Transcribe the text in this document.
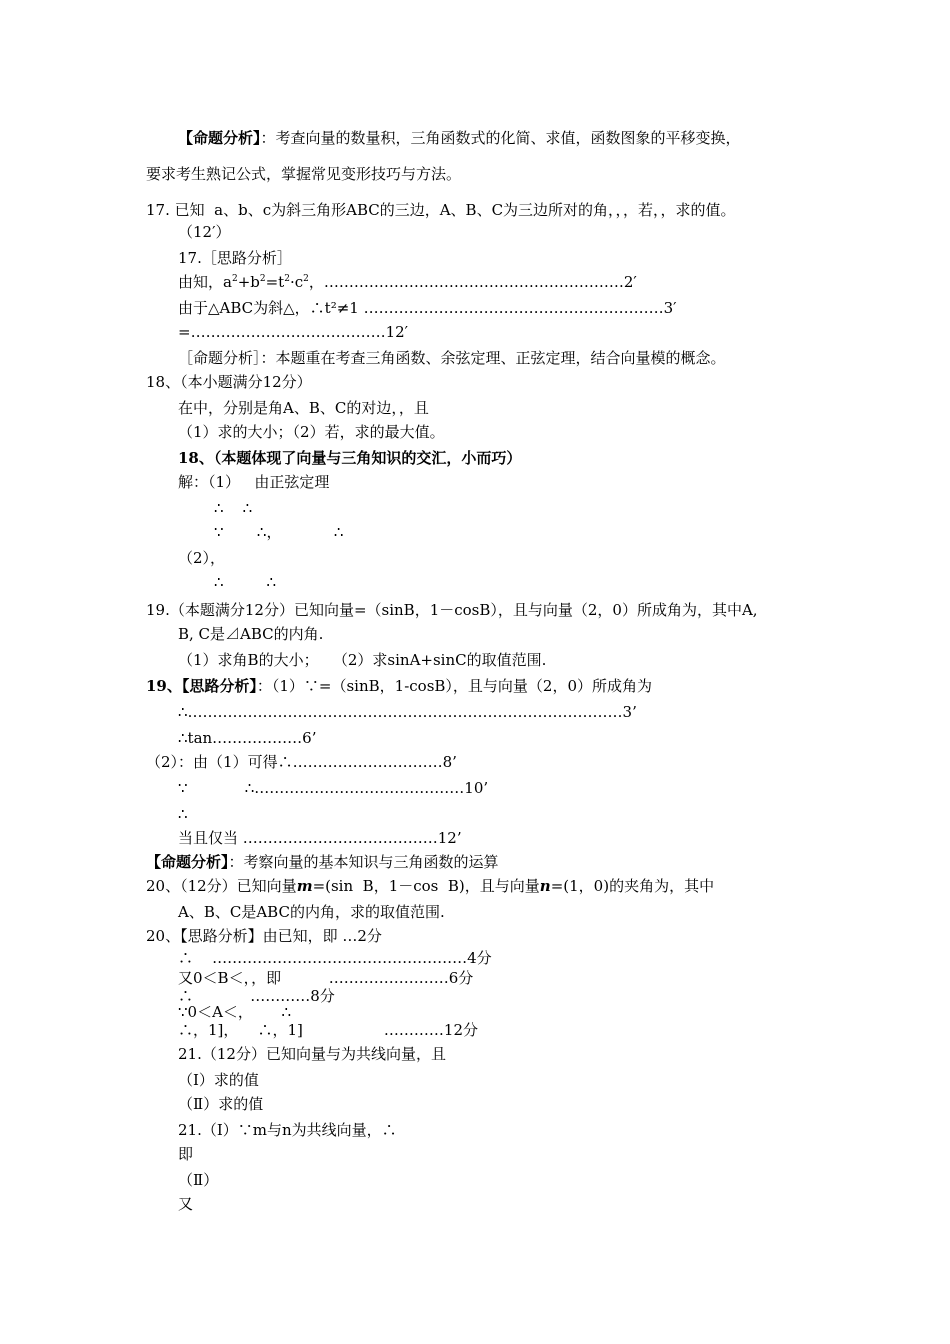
【命题分析】：考查向量的数量积，三角函数式的化简、求值，函数图象的平移变换，
要求考生熟记公式，掌握常见变形技巧与方法。
17. 已知  a、b、c为斜三角形ABC的三边，A、B、C为三边所对的角，，，若，，求的值。
（12′）
17.［思路分析］
由知，$a^2+b^2=t^2\cdot c^2$，……………………………………………………2′
由于△ABC为斜△，∴t²≠1 ……………………………………………………3′
=…………………………………12′
［命题分析］：本题重在考查三角函数、余弦定理、正弦定理，结合向量模的概念。
18、（本小题满分12分）
在中，分别是角A、B、C的对边，，且
（1）求的大小；（2）若，求的最大值。
18、（本题体现了向量与三角知识的交汇，小而巧）
解：（1）   由正弦定理
∴    ∴
∵       ∴，           ∴
（2），
∴         ∴
19.（本题满分12分）已知向量=（sinB，1－cosB），且与向量（2，0）所成角为，其中A,
B, C是⊿ABC的内角.
（1）求角B的大小；   （2）求sinA+sinC的取值范围.
19、【思路分析】：（1）∵=（sinB，1-cosB），且与向量（2，0）所成角为
∴……………………………………………………………………………3’
∴tan………………6’
（2）：由（1）可得∴…………………………8’
∵            ∴……………………………………10’
∴
当且仅当 …………………………………12’
【命题分析】：考察向量的基本知识与三角函数的运算
20、（12分）已知向量m=(sin  B，1－cos  B)，且与向量n=(1，0)的夹角为，其中
A、B、C是ABC的内角，求的取值范围.
20、【思路分析】由已知，即 …2分
∴    ……………………………………………4分
又0＜B＜，，即          ……………………6分
∴            …………8分
∵0＜A＜，      ∴
∴，1]，    ∴，1]                 …………12分
21.（12分）已知向量与为共线向量，且
（Ⅰ）求的值
（Ⅱ）求的值
21.（Ⅰ）∵m与n为共线向量，∴
即
（Ⅱ）
又
